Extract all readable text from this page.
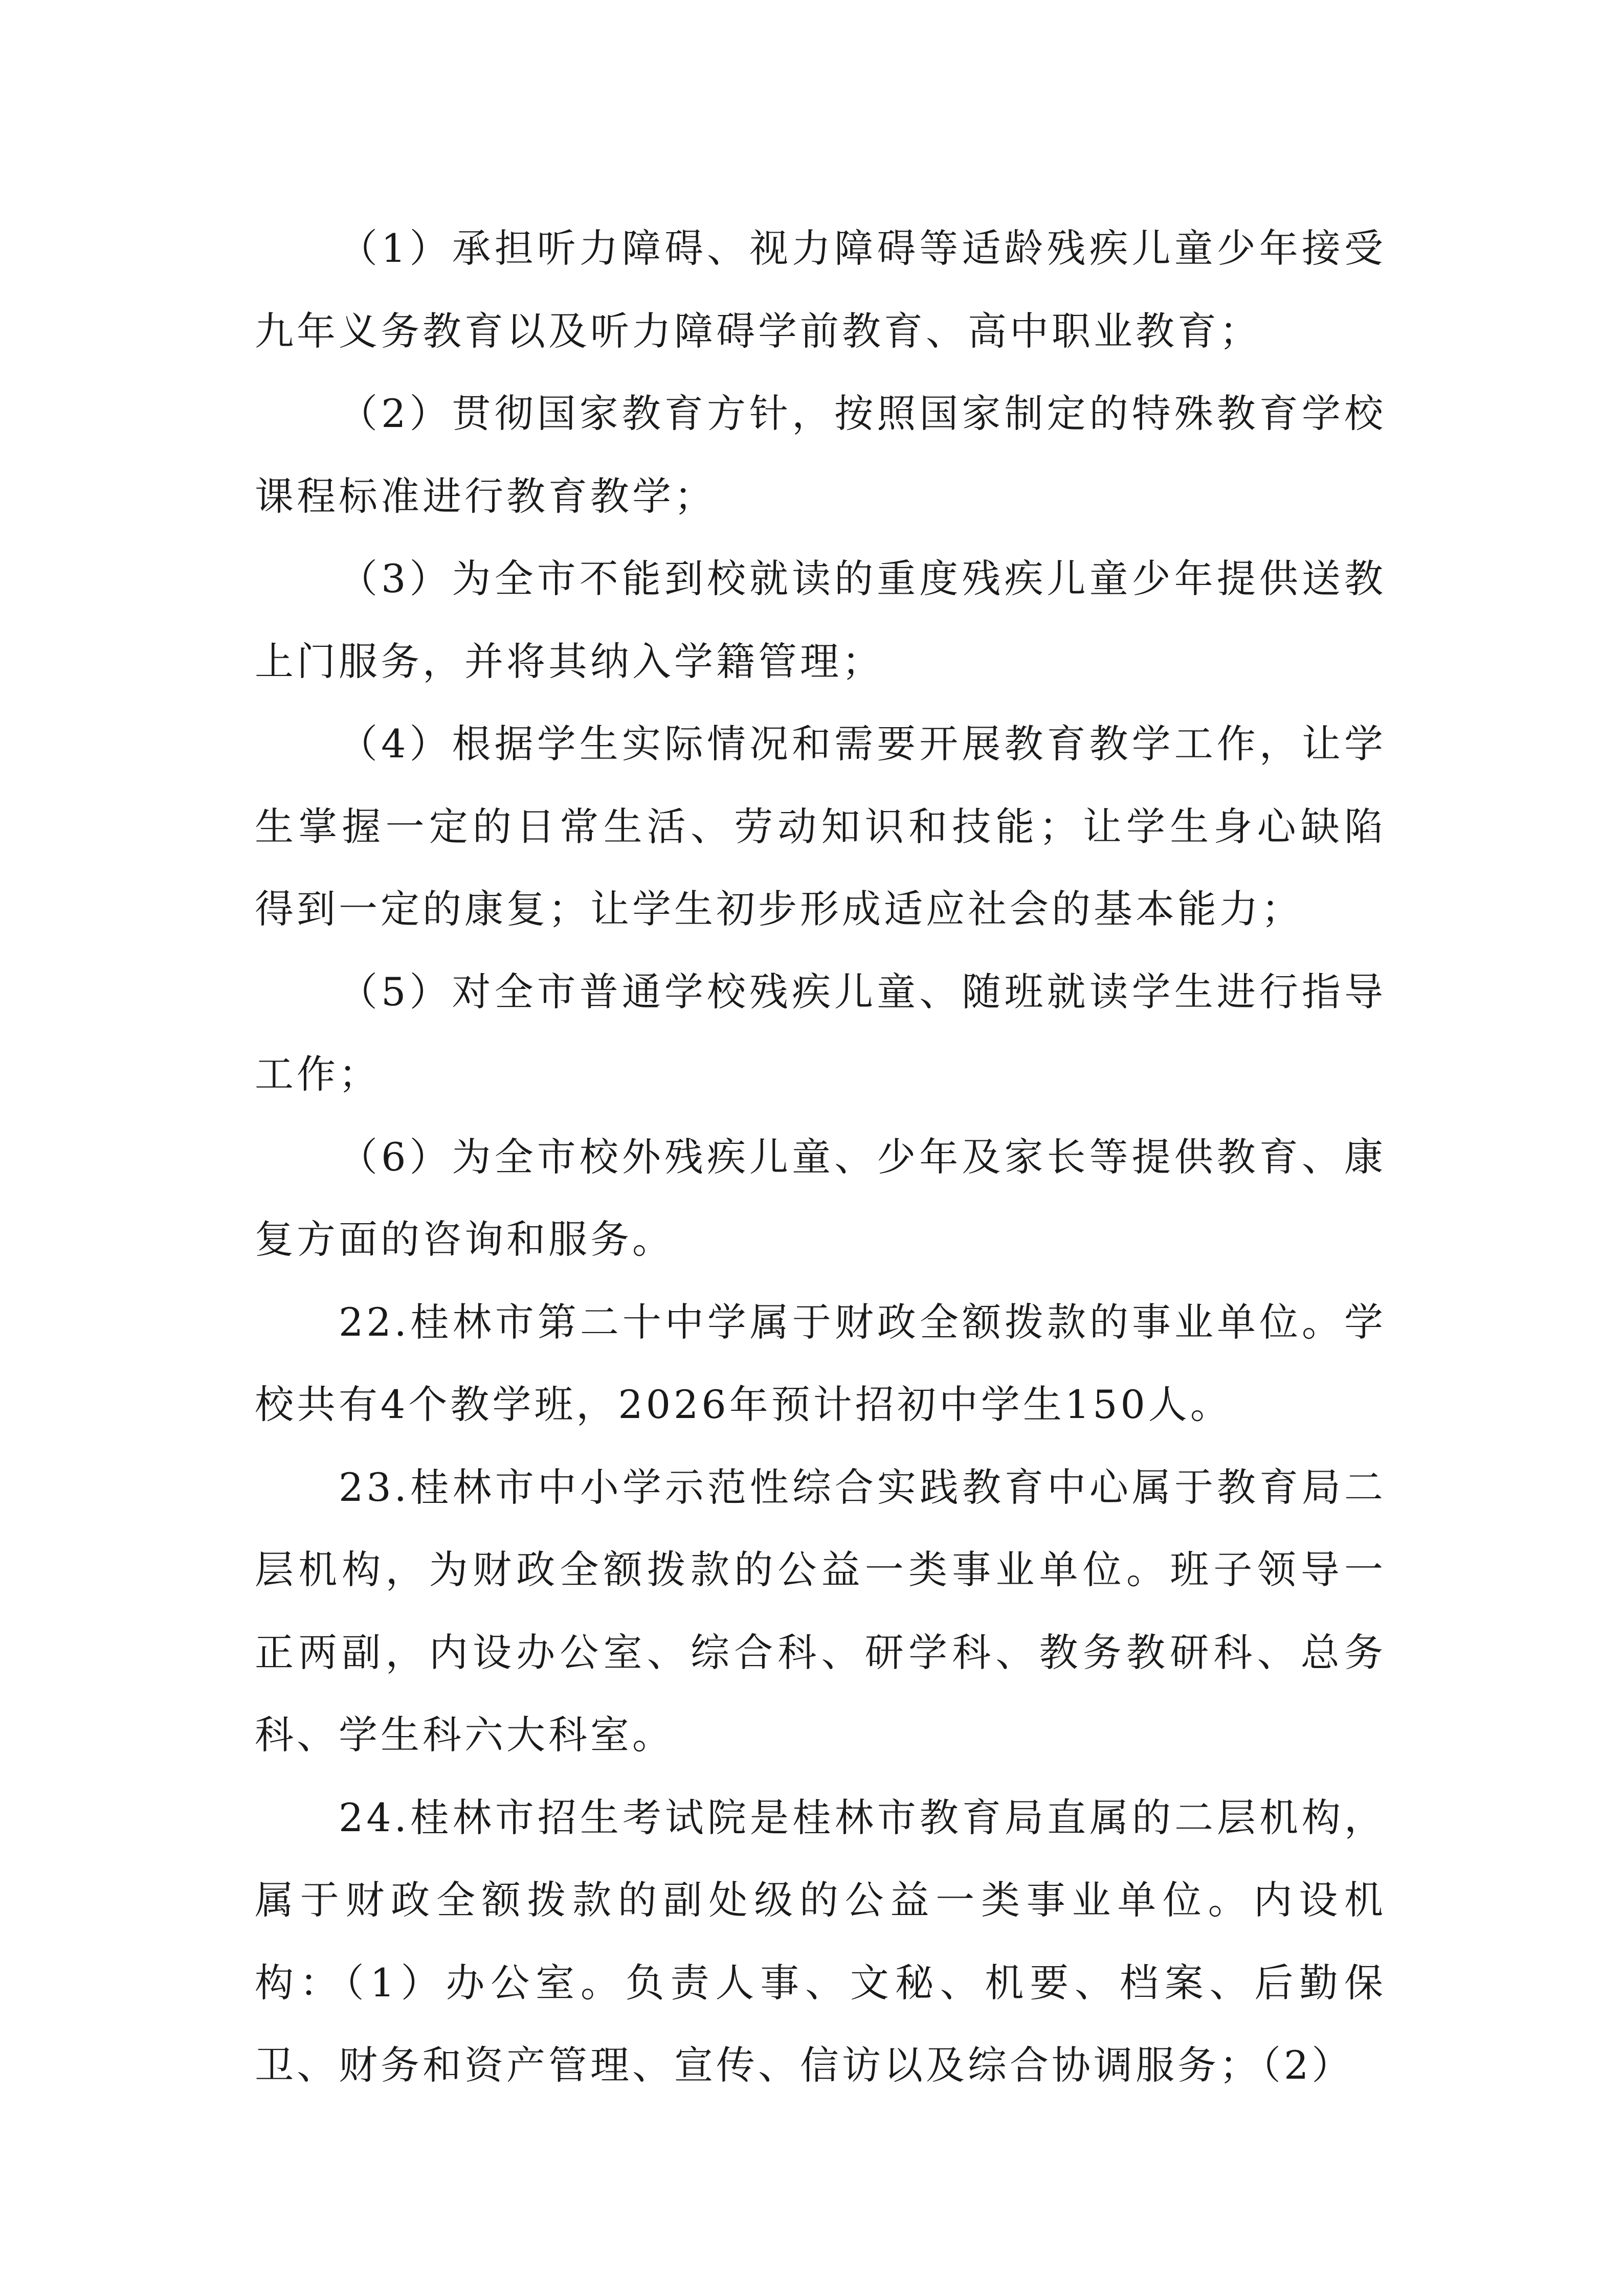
（1）承担听力障碍、视力障碍等适龄残疾儿童少年接受九年义务教育以及听力障碍学前教育、高中职业教育；

（2）贯彻国家教育方针，按照国家制定的特殊教育学校课程标准进行教育教学；

（3）为全市不能到校就读的重度残疾儿童少年提供送教上门服务，并将其纳入学籍管理；

（4）根据学生实际情况和需要开展教育教学工作，让学生掌握一定的日常生活、劳动知识和技能；让学生身心缺陷得到一定的康复；让学生初步形成适应社会的基本能力；

（5）对全市普通学校残疾儿童、随班就读学生进行指导工作；

（6）为全市校外残疾儿童、少年及家长等提供教育、康复方面的咨询和服务。

22.桂林市第二十中学属于财政全额拨款的事业单位。学校共有4个教学班，2026年预计招初中学生150人。

23.桂林市中小学示范性综合实践教育中心属于教育局二层机构，为财政全额拨款的公益一类事业单位。班子领导一正两副，内设办公室、综合科、研学科、教务教研科、总务科、学生科六大科室。

24.桂林市招生考试院是桂林市教育局直属的二层机构，属于财政全额拨款的副处级的公益一类事业单位。内设机构：（1）办公室。负责人事、文秘、机要、档案、后勤保卫、财务和资产管理、宣传、信访以及综合协调服务；（2）
